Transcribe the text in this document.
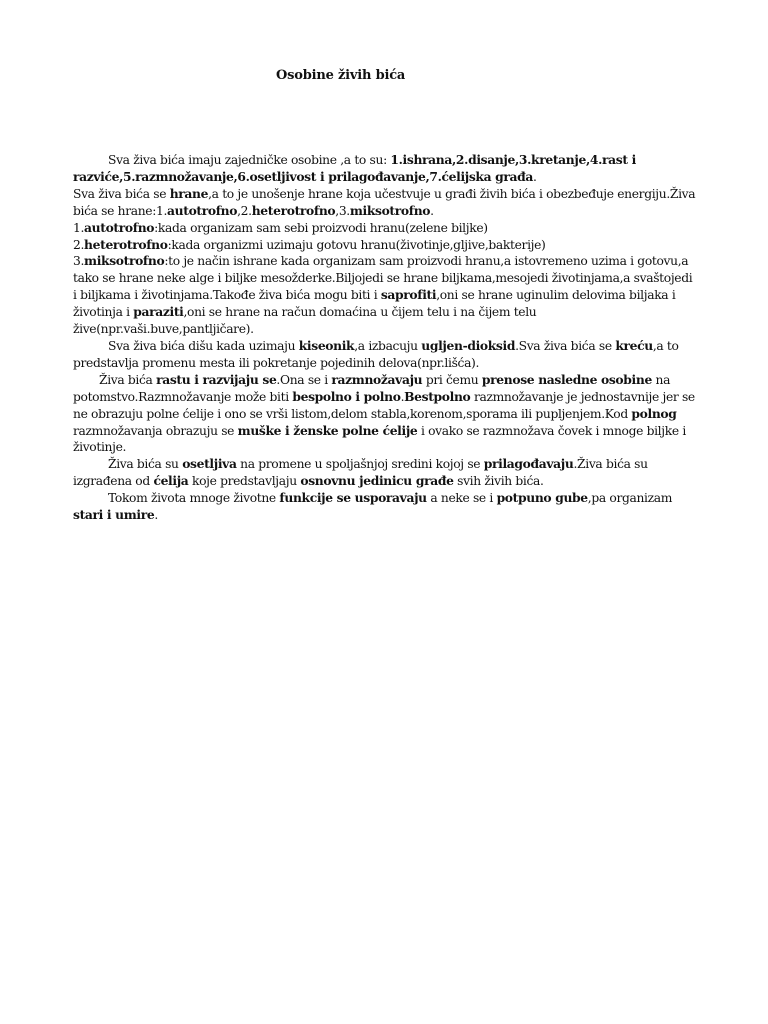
Osobine živih bića

Sva živa bića imaju zajedničke osobine ,a to su: 1.ishrana,2.disanje,3.kretanje,4.rast i razviće,5.razmnožavanje,6.osetljivost i prilagođavanje,7.ćelijska građa.

Sva živa bića se hrane,a to je unošenje hrane koja učestvuje u građi živih bića i obezbeđuje energiju.Živa bića se hrane:1.autotrofno,2.heterotrofno,3.miksotrofno.

1.autotrofno:kada organizam sam sebi proizvodi hranu(zelene biljke)

2.heterotrofno:kada organizmi uzimaju gotovu hranu(životinje,gljive,bakterije)

3.miksotrofno:to je način ishrane kada organizam sam proizvodi hranu,a istovremeno uzima i gotovu,a tako se hrane neke alge i biljke mesožderke.Biljojedi se hrane biljkama,mesojedi životinjama,a svaštojedi i biljkama i životinjama.Takođe živa bića mogu biti i saprofiti,oni se hrane uginulim delovima biljaka i životinja i paraziti,oni se hrane na račun domaćina u čijem telu i na čijem telu žive(npr.vaši.buve,pantljičare).

Sva živa bića dišu kada uzimaju kiseonik,a izbacuju ugljen-dioksid.Sva živa bića se kreću,a to predstavlja promenu mesta ili pokretanje pojedinih delova(npr.lišća).

Živa bića rastu i razvijaju se.Ona se i razmnožavaju pri čemu prenose nasledne osobine na potomstvo.Razmnožavanje može biti bespolno i polno.Bestpolno razmnožavanje je jednostavnije jer se ne obrazuju polne ćelije i ono se vrši listom,delom stabla,korenom,sporama ili pupljenjem.Kod polnog razmnožavanja obrazuju se muške i ženske polne ćelije i ovako se razmnožava čovek i mnoge biljke i životinje.

Živa bića su osetljiva na promene u spoljašnjoj sredini kojoj se prilagođavaju.Živa bića su izgrađena od ćelija koje predstavljaju osnovnu jedinicu građe svih živih bića.

Tokom života mnoge životne funkcije se usporavaju a neke se i potpuno gube,pa organizam stari i umire.
